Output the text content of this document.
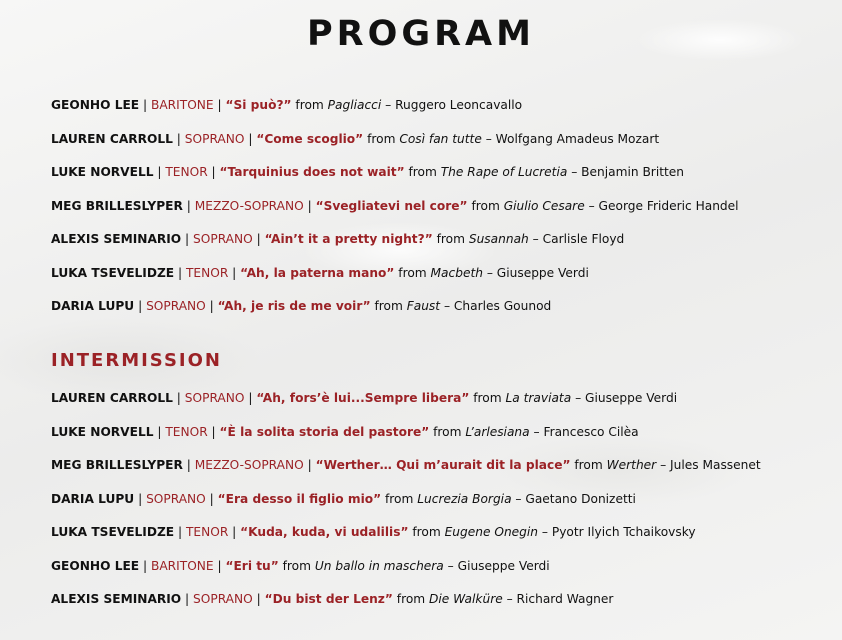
PROGRAM
GEONHO LEE | BARITONE | “Si può?” from Pagliacci – Ruggero Leoncavallo
LAUREN CARROLL | SOPRANO | “Come scoglio” from Così fan tutte – Wolfgang Amadeus Mozart
LUKE NORVELL | TENOR | “Tarquinius does not wait” from The Rape of Lucretia – Benjamin Britten
MEG BRILLESLYPER | MEZZO-SOPRANO | “Svegliatevi nel core” from Giulio Cesare – George Frideric Handel
ALEXIS SEMINARIO | SOPRANO | “Ain’t it a pretty night?” from Susannah – Carlisle Floyd
LUKA TSEVELIDZE | TENOR | “Ah, la paterna mano” from Macbeth – Giuseppe Verdi
DARIA LUPU | SOPRANO | “Ah, je ris de me voir” from Faust – Charles Gounod
INTERMISSION
LAUREN CARROLL | SOPRANO | “Ah, fors’è lui...Sempre libera” from La traviata – Giuseppe Verdi
LUKE NORVELL | TENOR | “È la solita storia del pastore” from L’arlesiana – Francesco Cilèa
MEG BRILLESLYPER | MEZZO-SOPRANO | “Werther… Qui m’aurait dit la place” from Werther – Jules Massenet
DARIA LUPU | SOPRANO | “Era desso il figlio mio” from Lucrezia Borgia – Gaetano Donizetti
LUKA TSEVELIDZE | TENOR | “Kuda, kuda, vi udalilis” from Eugene Onegin – Pyotr Ilyich Tchaikovsky
GEONHO LEE | BARITONE | “Eri tu” from Un ballo in maschera – Giuseppe Verdi
ALEXIS SEMINARIO | SOPRANO | “Du bist der Lenz” from Die Walküre – Richard Wagner
